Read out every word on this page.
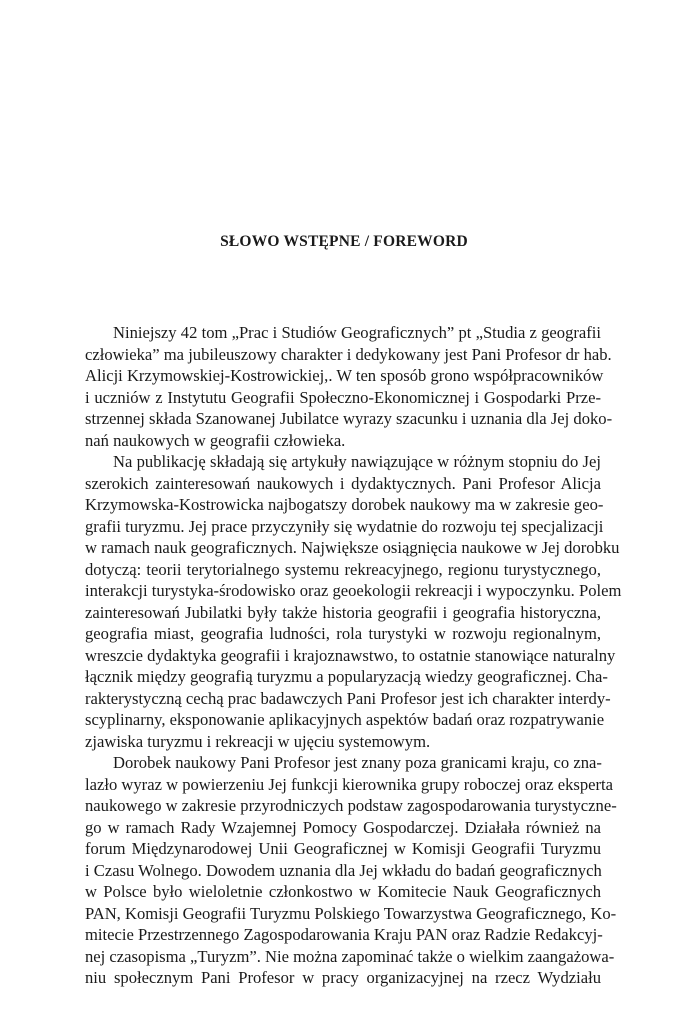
SŁOWO WSTĘPNE / FOREWORD
Niniejszy 42 tom „Prac i Studiów Geograficznych” pt „Studia z geografii
człowieka” ma jubileuszowy charakter i dedykowany jest Pani Profesor dr hab.
Alicji Krzymowskiej-Kostrowickiej,. W ten sposób grono współpracowników
i uczniów z Instytutu Geografii Społeczno-Ekonomicznej i Gospodarki Prze-
strzennej składa Szanowanej Jubilatce wyrazy szacunku i uznania dla Jej doko-
nań naukowych w geografii człowieka.
Na publikację składają się artykuły nawiązujące w różnym stopniu do Jej
szerokich zainteresowań naukowych i dydaktycznych. Pani Profesor Alicja
Krzymowska-Kostrowicka najbogatszy dorobek naukowy ma w zakresie geo-
grafii turyzmu. Jej prace przyczyniły się wydatnie do rozwoju tej specjalizacji
w ramach nauk geograficznych. Największe osiągnięcia naukowe w Jej dorobku
dotyczą: teorii terytorialnego systemu rekreacyjnego, regionu turystycznego,
interakcji turystyka-środowisko oraz geoekologii rekreacji i wypoczynku. Polem
zainteresowań Jubilatki były także historia geografii i geografia historyczna,
geografia miast, geografia ludności, rola turystyki w rozwoju regionalnym,
wreszcie dydaktyka geografii i krajoznawstwo, to ostatnie stanowiące naturalny
łącznik między geografią turyzmu a popularyzacją wiedzy geograficznej. Cha-
rakterystyczną cechą prac badawczych Pani Profesor jest ich charakter interdy-
scyplinarny, eksponowanie aplikacyjnych aspektów badań oraz rozpatrywanie
zjawiska turyzmu i rekreacji w ujęciu systemowym.
Dorobek naukowy Pani Profesor jest znany poza granicami kraju, co zna-
lazło wyraz w powierzeniu Jej funkcji kierownika grupy roboczej oraz eksperta
naukowego w zakresie przyrodniczych podstaw zagospodarowania turystyczne-
go w ramach Rady Wzajemnej Pomocy Gospodarczej. Działała również na
forum Międzynarodowej Unii Geograficznej w Komisji Geografii Turyzmu
i Czasu Wolnego. Dowodem uznania dla Jej wkładu do badań geograficznych
w Polsce było wieloletnie członkostwo w Komitecie Nauk Geograficznych
PAN, Komisji Geografii Turyzmu Polskiego Towarzystwa Geograficznego, Ko-
mitecie Przestrzennego Zagospodarowania Kraju PAN oraz Radzie Redakcyj-
nej czasopisma „Turyzm”. Nie można zapominać także o wielkim zaangażowa-
niu społecznym Pani Profesor w pracy organizacyjnej na rzecz Wydziału
